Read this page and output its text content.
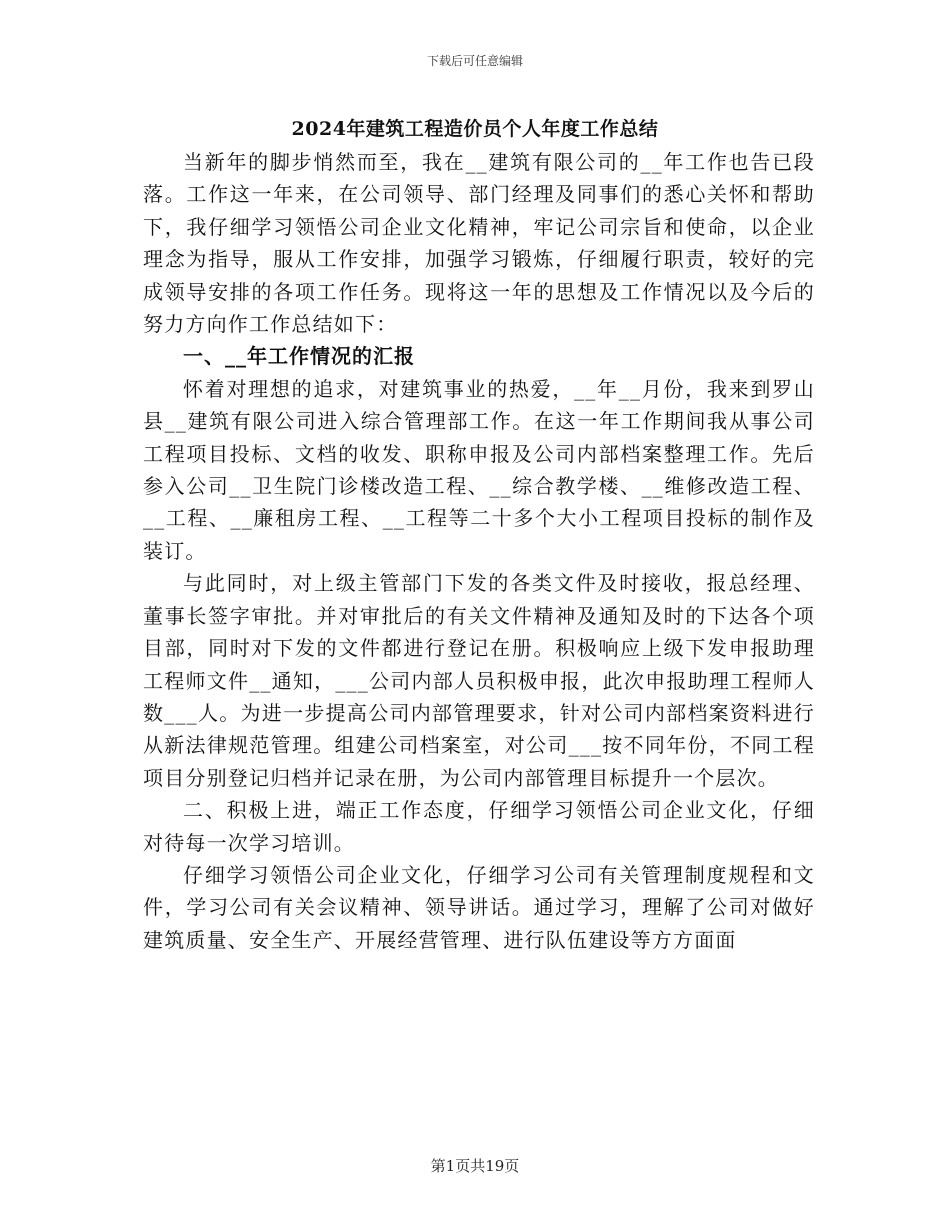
下载后可任意编辑
2024年建筑工程造价员个人年度工作总结

当新年的脚步悄然而至，我在__建筑有限公司的__年工作也告已段落。工作这一年来，在公司领导、部门经理及同事们的悉心关怀和帮助下，我仔细学习领悟公司企业文化精神，牢记公司宗旨和使命，以企业理念为指导，服从工作安排，加强学习锻炼，仔细履行职责，较好的完成领导安排的各项工作任务。现将这一年的思想及工作情况以及今后的努力方向作工作总结如下：

一、__年工作情况的汇报

怀着对理想的追求，对建筑事业的热爱，__年__月份，我来到罗山县__建筑有限公司进入综合管理部工作。在这一年工作期间我从事公司工程项目投标、文档的收发、职称申报及公司内部档案整理工作。先后参入公司__卫生院门诊楼改造工程、__综合教学楼、__维修改造工程、__工程、__廉租房工程、__工程等二十多个大小工程项目投标的制作及装订。

与此同时，对上级主管部门下发的各类文件及时接收，报总经理、董事长签字审批。并对审批后的有关文件精神及通知及时的下达各个项目部，同时对下发的文件都进行登记在册。积极响应上级下发申报助理工程师文件__通知，___公司内部人员积极申报，此次申报助理工程师人数___人。为进一步提高公司内部管理要求，针对公司内部档案资料进行从新法律规范管理。组建公司档案室，对公司___按不同年份，不同工程项目分别登记归档并记录在册，为公司内部管理目标提升一个层次。

二、积极上进，端正工作态度，仔细学习领悟公司企业文化，仔细对待每一次学习培训。

仔细学习领悟公司企业文化，仔细学习公司有关管理制度规程和文件，学习公司有关会议精神、领导讲话。通过学习，理解了公司对做好建筑质量、安全生产、开展经营管理、进行队伍建设等方方面面

第1页共19页
